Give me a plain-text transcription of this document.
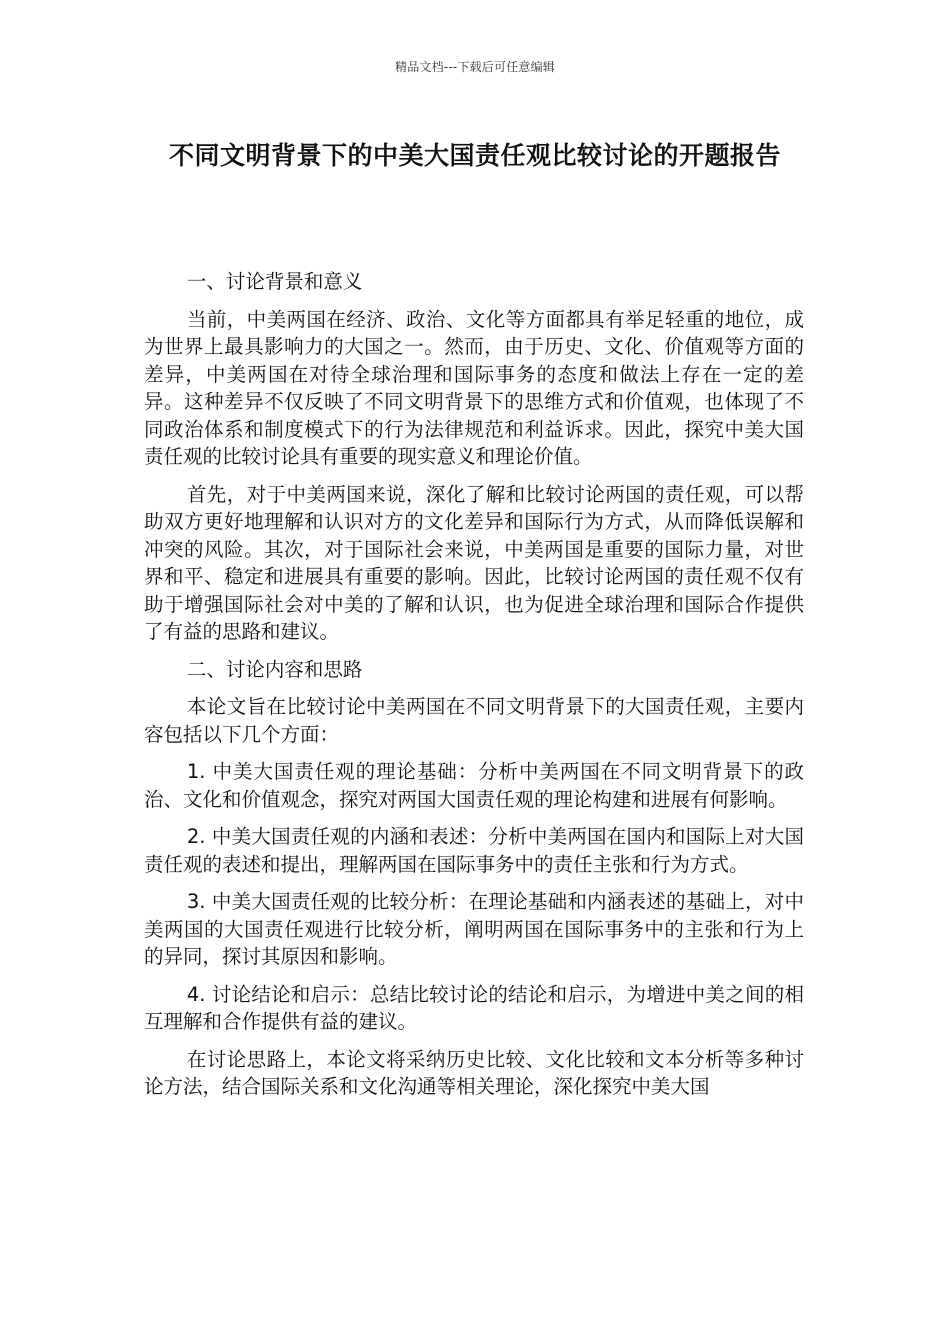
精品文档---下载后可任意编辑
不同文明背景下的中美大国责任观比较讨论的开题报告

一、讨论背景和意义

当前，中美两国在经济、政治、文化等方面都具有举足轻重的地位，成为世界上最具影响力的大国之一。然而，由于历史、文化、价值观等方面的差异，中美两国在对待全球治理和国际事务的态度和做法上存在一定的差异。这种差异不仅反映了不同文明背景下的思维方式和价值观，也体现了不同政治体系和制度模式下的行为法律规范和利益诉求。因此，探究中美大国责任观的比较讨论具有重要的现实意义和理论价值。

首先，对于中美两国来说，深化了解和比较讨论两国的责任观，可以帮助双方更好地理解和认识对方的文化差异和国际行为方式，从而降低误解和冲突的风险。其次，对于国际社会来说，中美两国是重要的国际力量，对世界和平、稳定和进展具有重要的影响。因此，比较讨论两国的责任观不仅有助于增强国际社会对中美的了解和认识，也为促进全球治理和国际合作提供了有益的思路和建议。

二、讨论内容和思路

本论文旨在比较讨论中美两国在不同文明背景下的大国责任观，主要内容包括以下几个方面：

1. 中美大国责任观的理论基础：分析中美两国在不同文明背景下的政治、文化和价值观念，探究对两国大国责任观的理论构建和进展有何影响。

2. 中美大国责任观的内涵和表述：分析中美两国在国内和国际上对大国责任观的表述和提出，理解两国在国际事务中的责任主张和行为方式。

3. 中美大国责任观的比较分析：在理论基础和内涵表述的基础上，对中美两国的大国责任观进行比较分析，阐明两国在国际事务中的主张和行为上的异同，探讨其原因和影响。

4. 讨论结论和启示：总结比较讨论的结论和启示，为增进中美之间的相互理解和合作提供有益的建议。

在讨论思路上，本论文将采纳历史比较、文化比较和文本分析等多种讨论方法，结合国际关系和文化沟通等相关理论，深化探究中美大国
